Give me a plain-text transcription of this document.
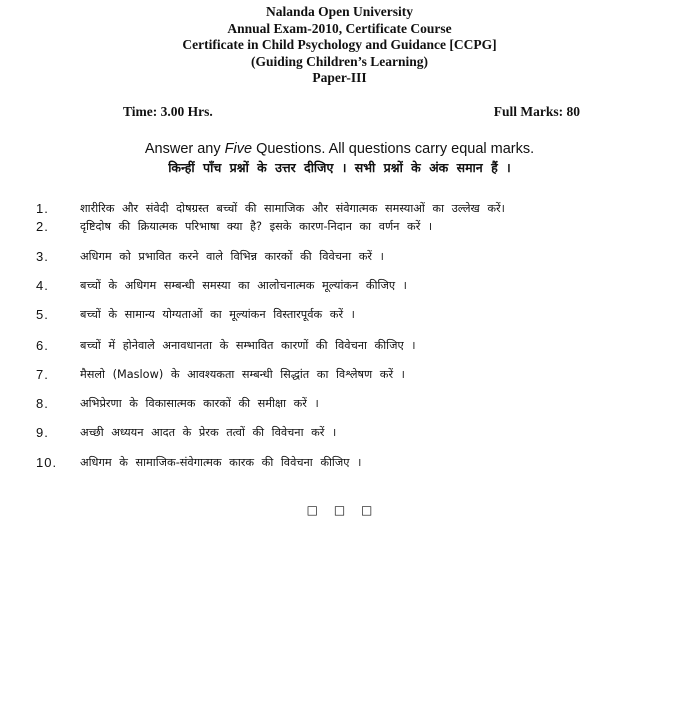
Nalanda Open University
Annual Exam-2010, Certificate Course
Certificate in Child Psychology and Guidance [CCPG]
(Guiding Children’s Learning)
Paper-III
Time: 3.00 Hrs.	Full Marks: 80
Answer any Five Questions. All questions carry equal marks.
किन्हीं पाँच प्रश्नों के उत्तर दीजिए । सभी प्रश्नों के अंक समान हैं ।
1.	शारीरिक और संवेदी दोषग्रस्त बच्चों की सामाजिक और संवेगात्मक समस्याओं का उल्लेख करें।
2.	दृष्टिदोष की क्रियात्मक परिभाषा क्या है? इसके कारण-निदान का वर्णन करें ।
3.	अधिगम को प्रभावित करने वाले विभिन्न कारकों की विवेचना करें ।
4.	बच्चों के अधिगम सम्बन्धी समस्या का आलोचनात्मक मूल्यांकन कीजिए ।
5.	बच्चों के सामान्य योग्यताओं का मूल्यांकन विस्तारपूर्वक करें ।
6.	बच्चों में होनेवाले अनावधानता के सम्भावित कारणों की विवेचना कीजिए ।
7.	मैसलो (Maslow) के आवश्यकता सम्बन्धी सिद्धांत का विश्लेषण करें ।
8.	अभिप्रेरणा के विकासात्मक कारकों की समीक्षा करें ।
9.	अच्छी अध्ययन आदत के प्रेरक तत्वों की विवेचना करें ।
10. अधिगम के सामाजिक-संवेगात्मक कारक की विवेचना कीजिए ।
□ □ □
